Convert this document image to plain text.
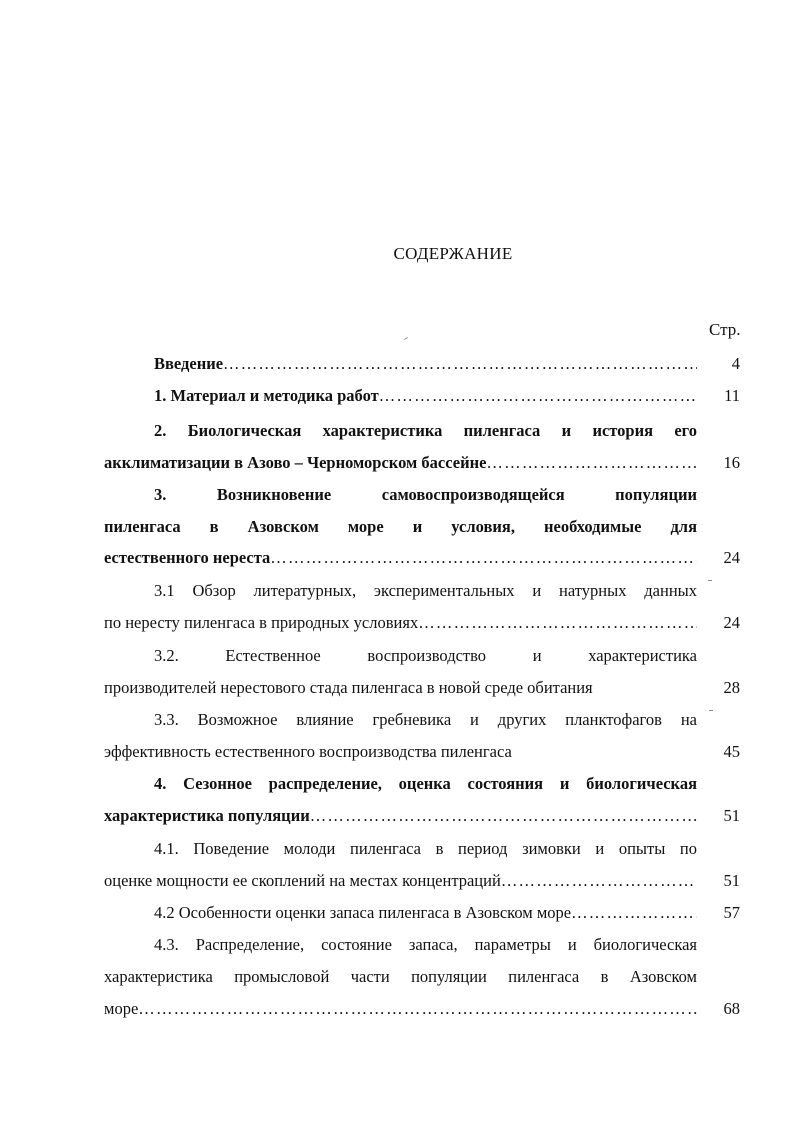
СОДЕРЖАНИЕ
Стр.
Введение ………………………………………………………………………………………………………………………………	4
1. Материал и методика работ ………………………………………………………………………………………………………………………………	11
2. Биологическая характеристика пиленгаса и история его
акклиматизации в Азово – Черноморском бассейне ………………………………………………………………………………………………………………………………	16
3. Возникновение самовоспроизводящейся популяции
пиленгаса в Азовском море и условия, необходимые для
естественного нереста ………………………………………………………………………………………………………………………………	24
3.1 Обзор литературных, экспериментальных и натурных данных
по нересту пиленгаса в природных условиях ………………………………………………………………………………………………………………………………	24
3.2. Естественное воспроизводство и характеристика
производителей нерестового стада пиленгаса в новой среде обитания	28
3.3. Возможное влияние гребневика и других планктофагов на
эффективность естественного воспроизводства пиленгаса	45
4. Сезонное распределение, оценка состояния и биологическая
характеристика популяции ………………………………………………………………………………………………………………………………	51
4.1. Поведение молоди пиленгаса в период зимовки и опыты по
оценке мощности ее скоплений на местах концентраций ………………………………………………………………………………………………………………………………	51
4.2 Особенности оценки запаса пиленгаса в Азовском море ………………………………………………………………………………………………………………………………	57
4.3. Распределение, состояние запаса, параметры и биологическая
характеристика промысловой части популяции пиленгаса в Азовском
море ………………………………………………………………………………………………………………………………	68
